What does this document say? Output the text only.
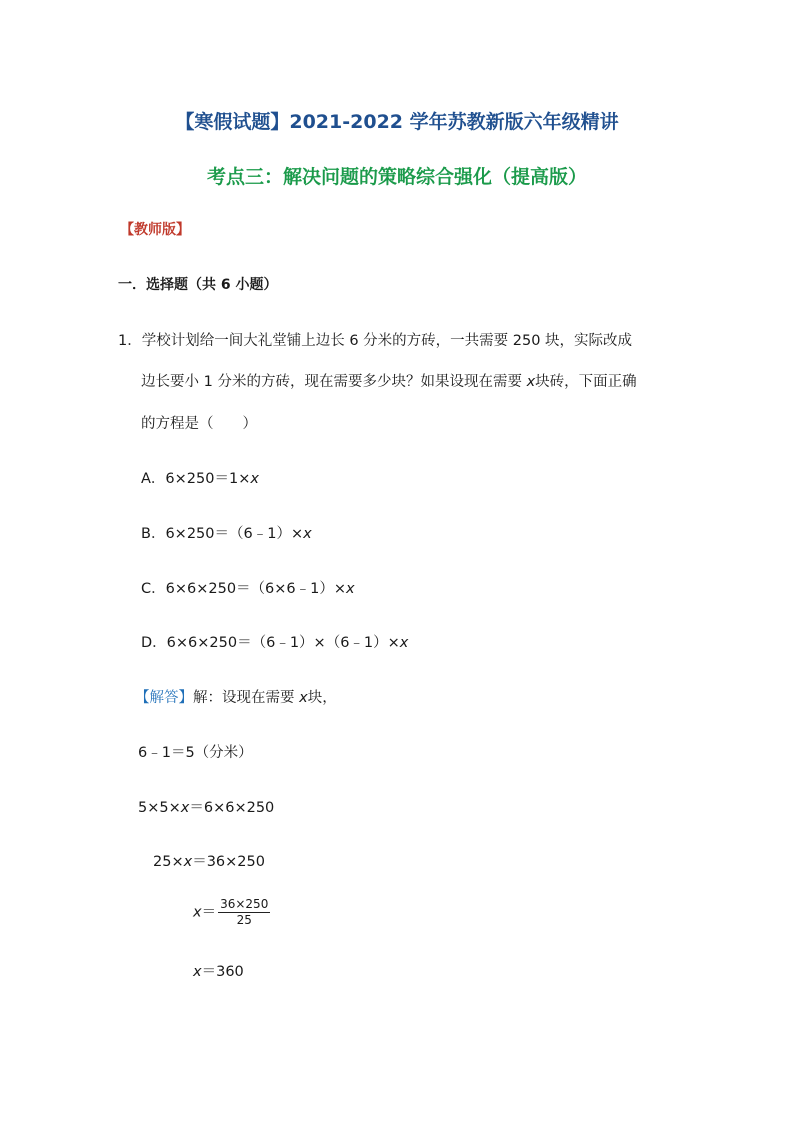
【寒假试题】2021-2022 学年苏教新版六年级精讲
考点三：解决问题的策略综合强化（提高版）
【教师版】
一．选择题（共 6 小题）
1．学校计划给一间大礼堂铺上边长 6 分米的方砖，一共需要 250 块，实际改成
边长要小 1 分米的方砖，现在需要多少块？如果设现在需要 x块砖，下面正确
的方程是（　　）
A．6×250＝1×x
B．6×250＝（6﹣1）×x
C．6×6×250＝（6×6﹣1）×x
D．6×6×250＝（6﹣1）×（6﹣1）×x
【解答】解：设现在需要 x块，
6﹣1＝5（分米）
5×5×x＝6×6×250
25×x＝36×250
$x= \frac{36\times 250}{25}$
x＝360
